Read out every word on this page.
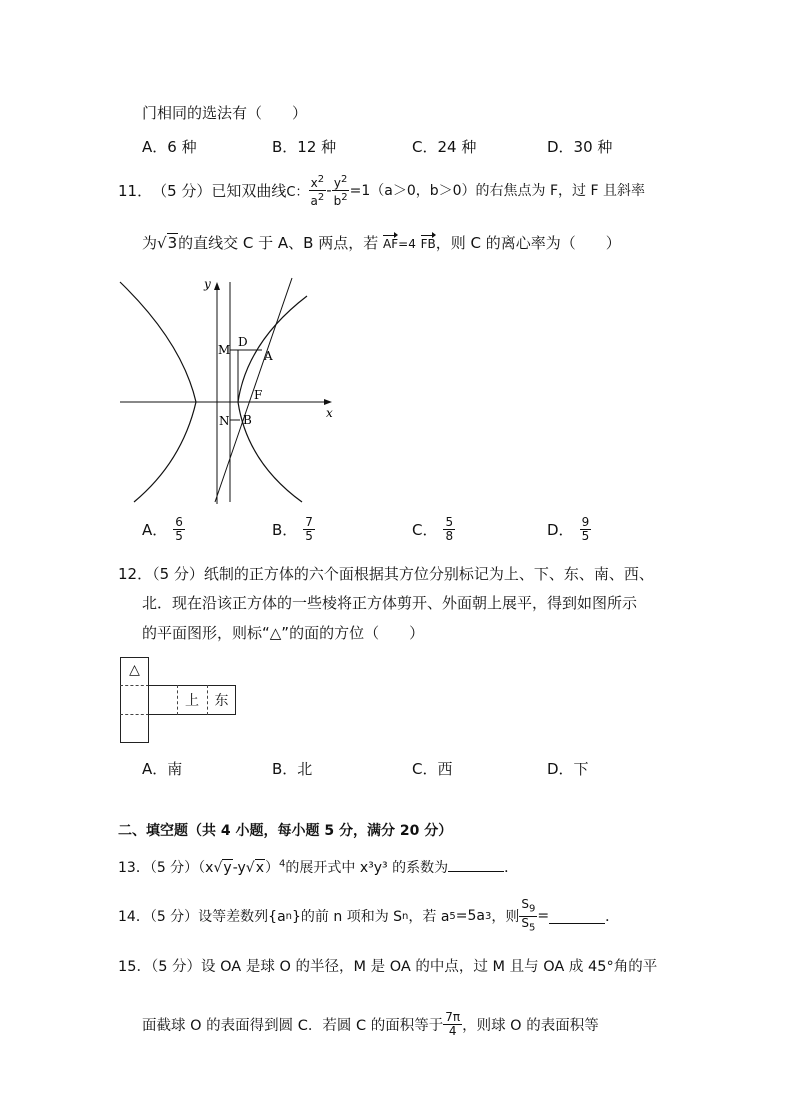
门相同的选法有（　　）
A．6 种	B．12 种	C．24 种	D．30 种
11． （5 分）已知双曲线 C： $\frac{x^2}{a^2} - \frac{y^2}{b^2} =1(a>0$，b＞0）的右焦点为 F，过 F 且斜率
为√3的直线交 C 于 A、B 两点，若 AF=4 FB，则 C 的离心率为（　　）
y
x
M
D
A
F
N B
A． $\frac{6}{5}$	B． $\frac{7}{5}$	C． $\frac{5}{8}$	D． $\frac{9}{5}$
12．（5 分）纸制的正方体的六个面根据其方位分别标记为上、下、东、南、西、
北．现在沿该正方体的一些棱将正方体剪开、外面朝上展平，得到如图所示
的平面图形，则标“△”的面的方位（　　）
△
上 东
A．南	B．北	C．西	D．下
二、填空题（共 4 小题，每小题 5 分，满分 20 分）
13．（5 分）$(x√y-y√x)^4$的展开式中 x³y³ 的系数为	．
14．（5 分）设等差数列{a n }的前 n 项和为 S n ，若 a 5 =5a 3 ，则 $\frac{S_9}{S_5}$ =	．
15．（5 分）设 OA 是球 O 的半径，M 是 OA 的中点，过 M 且与 OA 成 45°角的平
面截球 O 的表面得到圆 C．若圆 C 的面积等于 $\frac{7\pi}{4}$ ，则球 O 的表面积等
